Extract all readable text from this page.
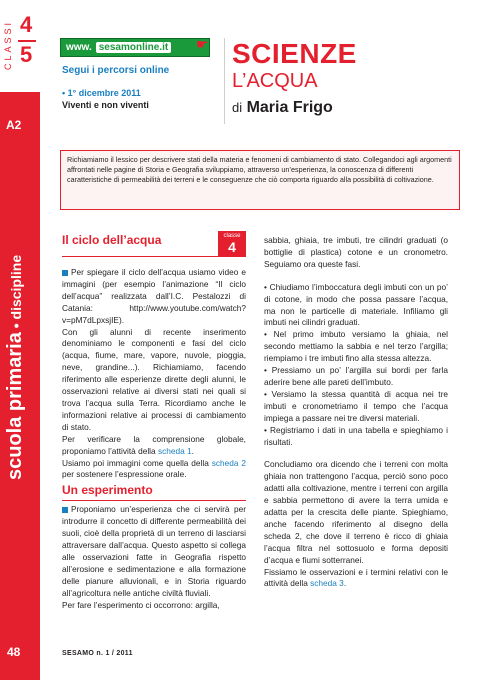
CLASSI 4
5
A2
scuola primaria • discipline
48
www. sesamonline.it ☛
Segui i percorsi online
• 1° dicembre 2011
Viventi e non viventi
SCIENZE
L’ACQUA
di Maria Frigo
Richiamiamo il lessico per descrivere stati della materia e fenomeni di cambiamento di stato. Collegandoci agli argomenti affrontati nelle pagine di Storia e Geografia sviluppiamo, attraverso un’esperienza, la conoscenza di differenti caratteristiche di permeabilità dei terreni e le conseguenze che ciò comporta riguardo alla possibilità di coltivazione.
Il ciclo dell’acqua	classe
4
Per spiegare il ciclo dell’acqua usiamo video e immagini (per esempio l’animazione “Il ciclo dell’acqua” realizzata dall’I.C. Pestalozzi di Catania: http://www.youtube.com/watch?v=pM7dLpxsjIE).
Con gli alunni di recente inserimento denominiamo le componenti e fasi del ciclo (acqua, fiume, mare, vapore, nuvole, pioggia, neve, grandine...). Richiamiamo, facendo riferimento alle esperienze dirette degli alunni, le osservazioni relative ai diversi stati nei quali si trova l’acqua sulla Terra. Ricordiamo anche le informazioni relative ai processi di cambiamento di stato.
Per verificare la comprensione globale, proponiamo l’attività della scheda 1.
Usiamo poi immagini come quella della scheda 2 per sostenere l’espressione orale.
Un esperimento
Proponiamo un’esperienza che ci servirà per introdurre il concetto di differente permeabilità dei suoli, cioè della proprietà di un terreno di lasciarsi attraversare dall’acqua. Questo aspetto si collega alle osservazioni fatte in Geografia rispetto all’erosione e sedimentazione e alla formazione delle pianure alluvionali, e in Storia riguardo all’agricoltura nelle antiche civiltà fluviali.
Per fare l’esperimento ci occorrono: argilla,
sabbia, ghiaia, tre imbuti, tre cilindri graduati (o bottiglie di plastica) cotone e un cronometro. Seguiamo ora queste fasi.
• Chiudiamo l’imboccatura degli imbuti con un po’ di cotone, in modo che possa passare l’acqua, ma non le particelle di materiale. Infiliamo gli imbuti nei cilindri graduati.
• Nel primo imbuto versiamo la ghiaia, nel secondo mettiamo la sabbia e nel terzo l’argilla; riempiamo i tre imbuti fino alla stessa altezza.
• Pressiamo un po’ l’argilla sui bordi per farla aderire bene alle pareti dell’imbuto.
• Versiamo la stessa quantità di acqua nei tre imbuti e cronometriamo il tempo che l’acqua impiega a passare nei tre diversi materiali.
• Registriamo i dati in una tabella e spieghiamo i risultati.
Concludiamo ora dicendo che i terreni con molta ghiaia non trattengono l’acqua, perciò sono poco adatti alla coltivazione, mentre i terreni con argilla e sabbia permettono di avere la terra umida e adatta per la crescita delle piante. Spieghiamo, anche facendo riferimento al disegno della scheda 2, che dove il terreno è ricco di ghiaia l’acqua filtra nel sottosuolo e forma depositi d’acqua e fiumi sotterranei.
Fissiamo le osservazioni e i termini relativi con le attività della scheda 3.
SESAMO n. 1 / 2011
